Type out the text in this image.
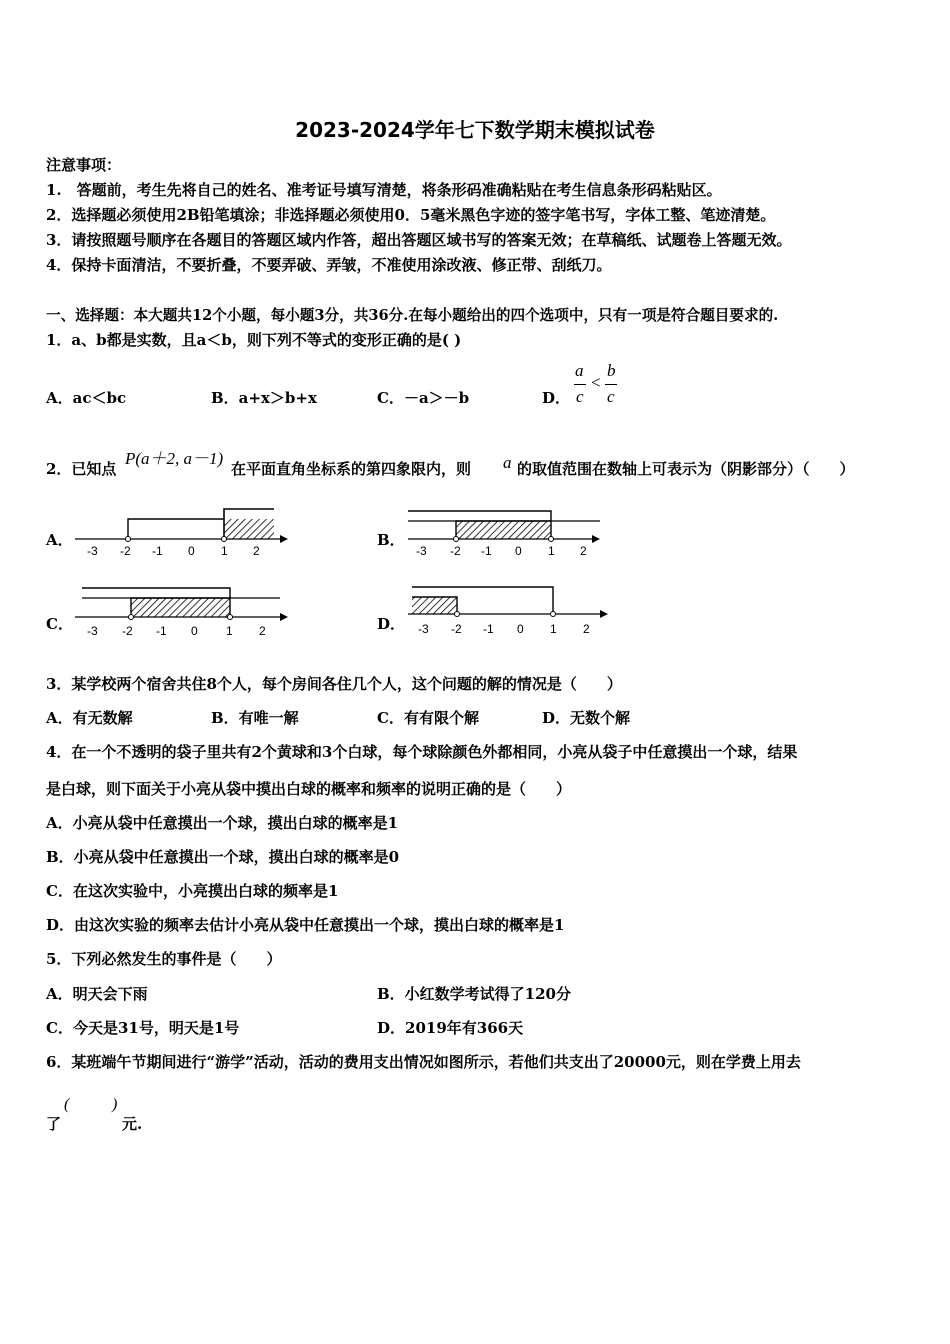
2023-2024学年七下数学期末模拟试卷
注意事项：
1.　答题前，考生先将自己的姓名、准考证号填写清楚，将条形码准确粘贴在考生信息条形码粘贴区。
2．选择题必须使用2B铅笔填涂；非选择题必须使用0．5毫米黑色字迹的签字笔书写，字体工整、笔迹清楚。
3．请按照题号顺序在各题目的答题区域内作答，超出答题区域书写的答案无效；在草稿纸、试题卷上答题无效。
4．保持卡面清洁，不要折叠，不要弄破、弄皱，不准使用涂改液、修正带、刮纸刀。
一、选择题：本大题共12个小题，每小题3分，共36分.在每小题给出的四个选项中，只有一项是符合题目要求的.
1．a、b都是实数，且a＜b，则下列不等式的变形正确的是( )
A．ac＜bc	B．a+x＞b+x	C．－a＞－b	D．
a
c
<
b
c
2．已知点
P(a＋2, a－1)
在平面直角坐标系的第四象限内，则 a 的取值范围在数轴上可表示为（阴影部分）（　　）
A．	B．
C．	D．
-3 -2 -1 0 1 2	-3 -2 -1 0 1 2
-3 -2 -1 0 1 2	-3 -2 -1 0 1 2
3．某学校两个宿舍共住8个人，每个房间各住几个人，这个问题的解的情况是（　　）
A．有无数解	B．有唯一解	C．有有限个解	D．无数个解
4．在一个不透明的袋子里共有2个黄球和3个白球，每个球除颜色外都相同，小亮从袋子中任意摸出一个球，结果
是白球，则下面关于小亮从袋中摸出白球的概率和频率的说明正确的是（　　）
A．小亮从袋中任意摸出一个球，摸出白球的概率是1
B．小亮从袋中任意摸出一个球，摸出白球的概率是0
C．在这次实验中，小亮摸出白球的频率是1
D．由这次实验的频率去估计小亮从袋中任意摸出一个球，摸出白球的概率是1
5．下列必然发生的事件是（　　）
A．明天会下雨	B．小红数学考试得了120分
C．今天是31号，明天是1号	D．2019年有366天
6．某班端午节期间进行“游学”活动，活动的费用支出情况如图所示，若他们共支出了20000元，则在学费上用去
了
(	)
元.
